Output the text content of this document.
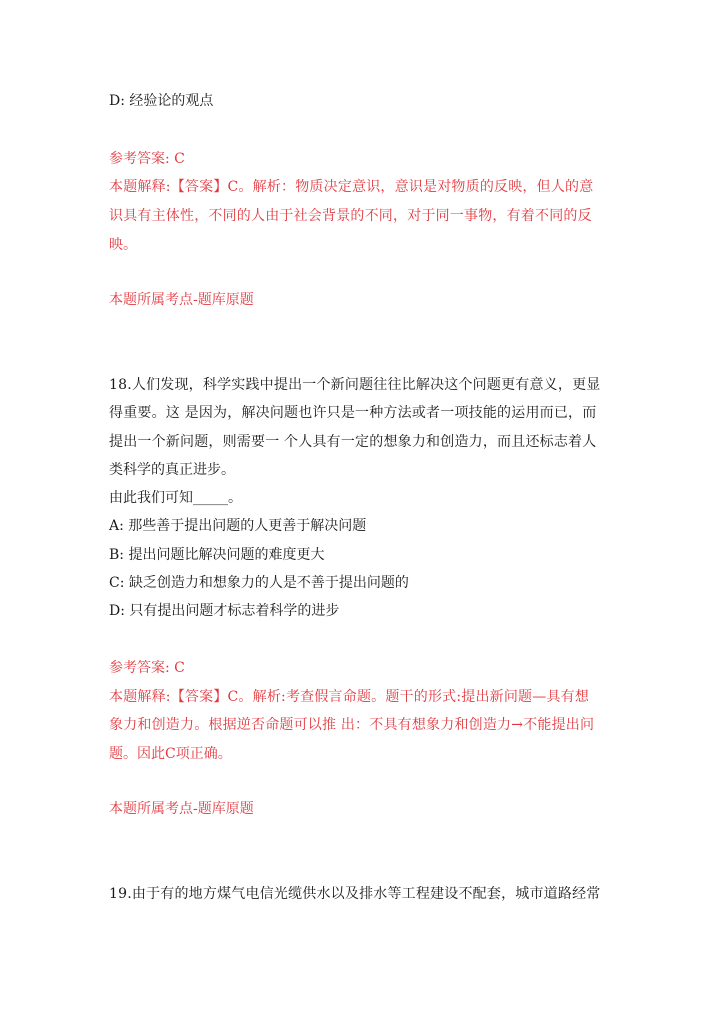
D: 经验论的观点
参考答案: C
本题解释:【答案】C。解析：物质决定意识，意识是对物质的反映，但人的意
识具有主体性，不同的人由于社会背景的不同，对于同一事物，有着不同的反
映。
本题所属考点-题库原题
18.人们发现，科学实践中提出一个新问题往往比解决这个问题更有意义，更显
得重要。这 是因为，解决问题也许只是一种方法或者一项技能的运用而已，而
提出一个新问题，则需要一 个人具有一定的想象力和创造力，而且还标志着人
类科学的真正进步。
由此我们可知_____。
A: 那些善于提出问题的人更善于解决问题
B: 提出问题比解决问题的难度更大
C: 缺乏创造力和想象力的人是不善于提出问题的
D: 只有提出问题才标志着科学的进步
参考答案: C
本题解释:【答案】C。解析:考查假言命题。题干的形式:提出新问题—具有想
象力和创造力。根据逆否命题可以推 出：不具有想象力和创造力→不能提出问
题。因此C项正确。
本题所属考点-题库原题
19.由于有的地方煤气电信光缆供水以及排水等工程建设不配套，城市道路经常
